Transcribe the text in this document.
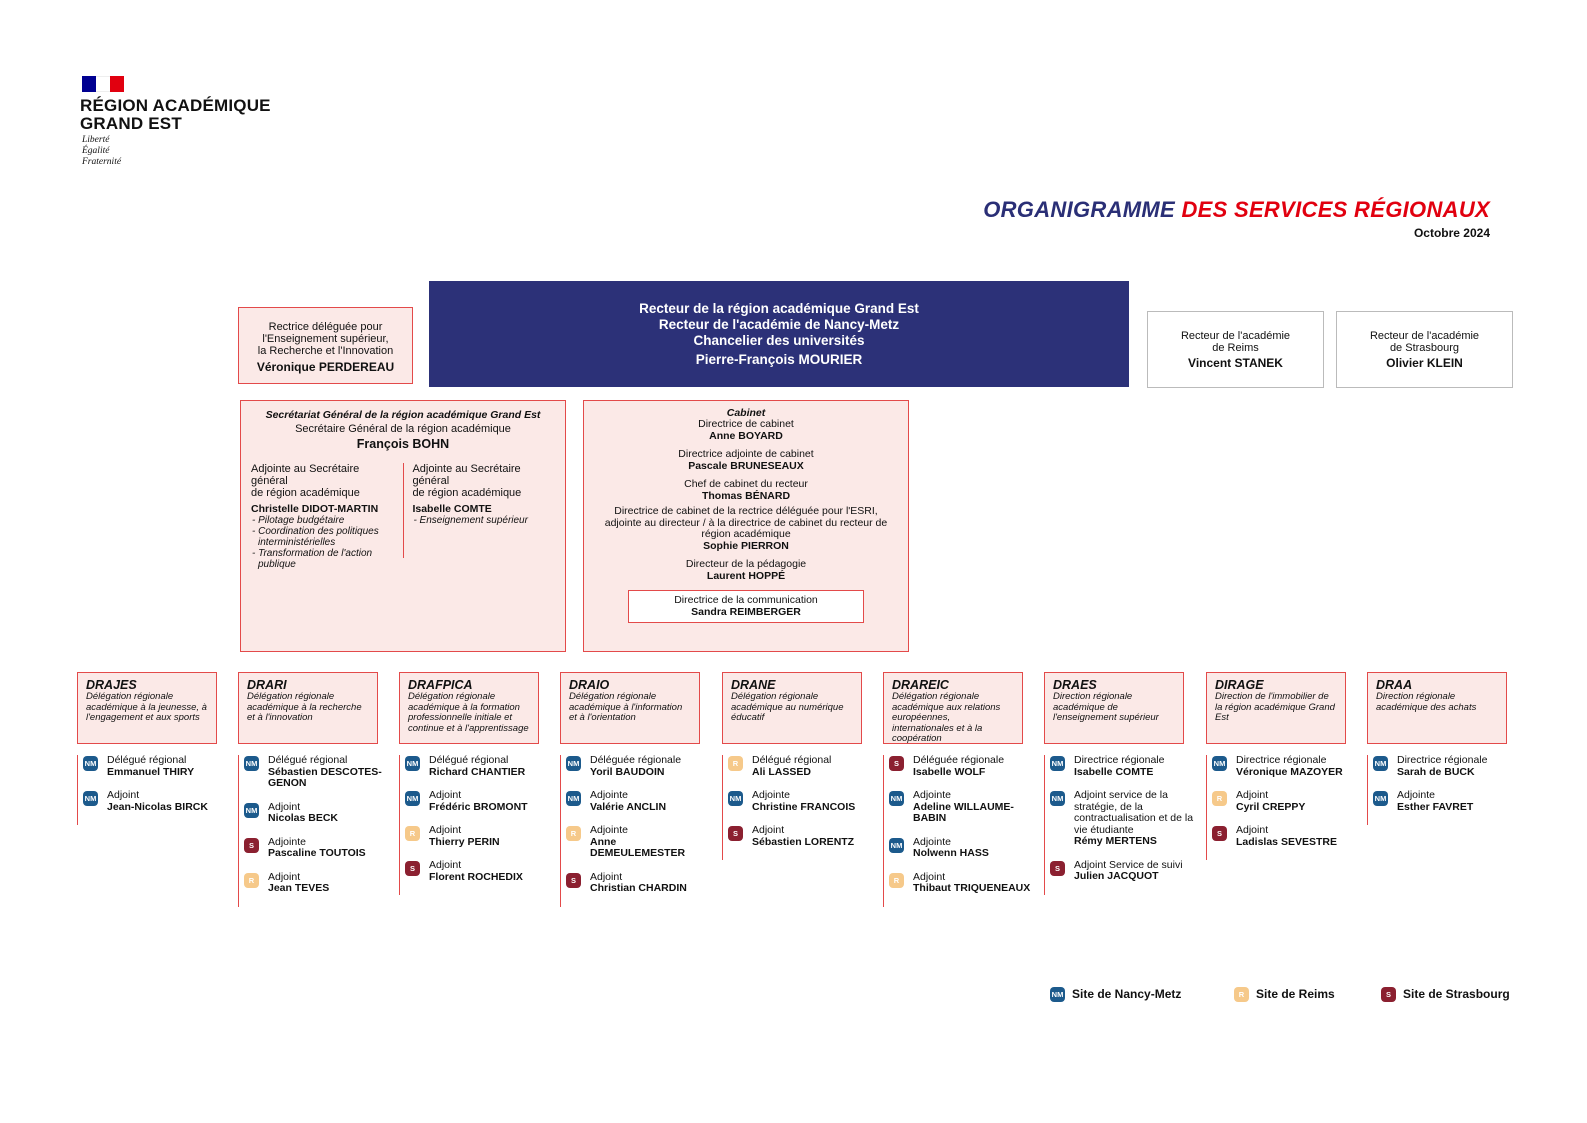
RÉGION ACADÉMIQUE
GRAND EST
Liberté
Égalité
Fraternité
ORGANIGRAMME DES SERVICES RÉGIONAUX
Octobre 2024
Rectrice déléguée pour
l'Enseignement supérieur,
la Recherche et l'Innovation
Véronique PERDEREAU
Recteur de la région académique Grand Est
Recteur de l'académie de Nancy-Metz
Chancelier des universités
Pierre-François MOURIER
Recteur de l'académie
de Reims
Vincent STANEK
Recteur de l'académie
de Strasbourg
Olivier KLEIN
Secrétariat Général de la région académique Grand Est
Secrétaire Général de la région académique
François BOHN
Adjointe au Secrétaire général
de région académique
Christelle DIDOT-MARTIN
- Pilotage budgétaire
- Coordination des politiques interministérielles
- Transformation de l'action publique
Adjointe au Secrétaire général
de région académique
Isabelle COMTE
- Enseignement supérieur
Cabinet
Directrice de cabinet
Anne BOYARD
Directrice adjointe de cabinet
Pascale BRUNESEAUX
Chef de cabinet du recteur
Thomas BÉNARD
Directrice de cabinet de la rectrice déléguée pour l'ESRI, adjointe au directeur / à la directrice de cabinet du recteur de région académique
Sophie PIERRON
Directeur de la pédagogie
Laurent HOPPÉ
Directrice de la communication
Sandra REIMBERGER
DRAJES
Délégation régionale académique à la jeunesse, à l'engagement et aux sports
NM Délégué régional
Emmanuel THIRY
NM Adjoint
Jean-Nicolas BIRCK
DRARI
Délégation régionale académique à la recherche et à l'innovation
NM Délégué régional
Sébastien DESCOTES-GENON
NM Adjoint
Nicolas BECK
S	Adjointe
Pascaline TOUTOIS
R	Adjoint
Jean TEVES
DRAFPICA
Délégation régionale académique à la formation professionnelle initiale et continue et à l'apprentissage
NM Délégué régional
Richard CHANTIER
NM Adjoint
Frédéric BROMONT
R	Adjoint
Thierry PERIN
S	Adjoint
Florent ROCHEDIX
DRAIO
Délégation régionale académique à l'information et à l'orientation
NM Déléguée régionale
Yoril BAUDOIN
NM Adjointe
Valérie ANCLIN
R	Adjointe
Anne DEMEULEMESTER
S	Adjoint
Christian CHARDIN
DRANE
Délégation régionale académique au numérique éducatif
R	Délégué régional
Ali LASSED
NM Adjointe
Christine FRANCOIS
S	Adjoint
Sébastien LORENTZ
DRAREIC
Délégation régionale académique aux relations européennes, internationales et à la coopération
S	Déléguée régionale
Isabelle WOLF
NM Adjointe
Adeline WILLAUME-BABIN
NM Adjointe
Nolwenn HASS
R	Adjoint
Thibaut TRIQUENEAUX
DRAES
Direction régionale académique de l'enseignement supérieur
NM Directrice régionale
Isabelle COMTE
NM Adjoint service de la stratégie, de la contractualisation et de la vie étudiante
Rémy MERTENS
S	Adjoint Service de suivi
Julien JACQUOT
DIRAGE
Direction de l'immobilier de la région académique Grand Est
NM Directrice régionale
Véronique MAZOYER
R	Adjoint
Cyril CREPPY
S	Adjoint
Ladislas SEVESTRE
DRAA
Direction régionale académique des achats
NM Directrice régionale
Sarah de BUCK
NM Adjointe
Esther FAVRET
NM Site de Nancy-Metz	R Site de Reims	S	Site de Strasbourg
